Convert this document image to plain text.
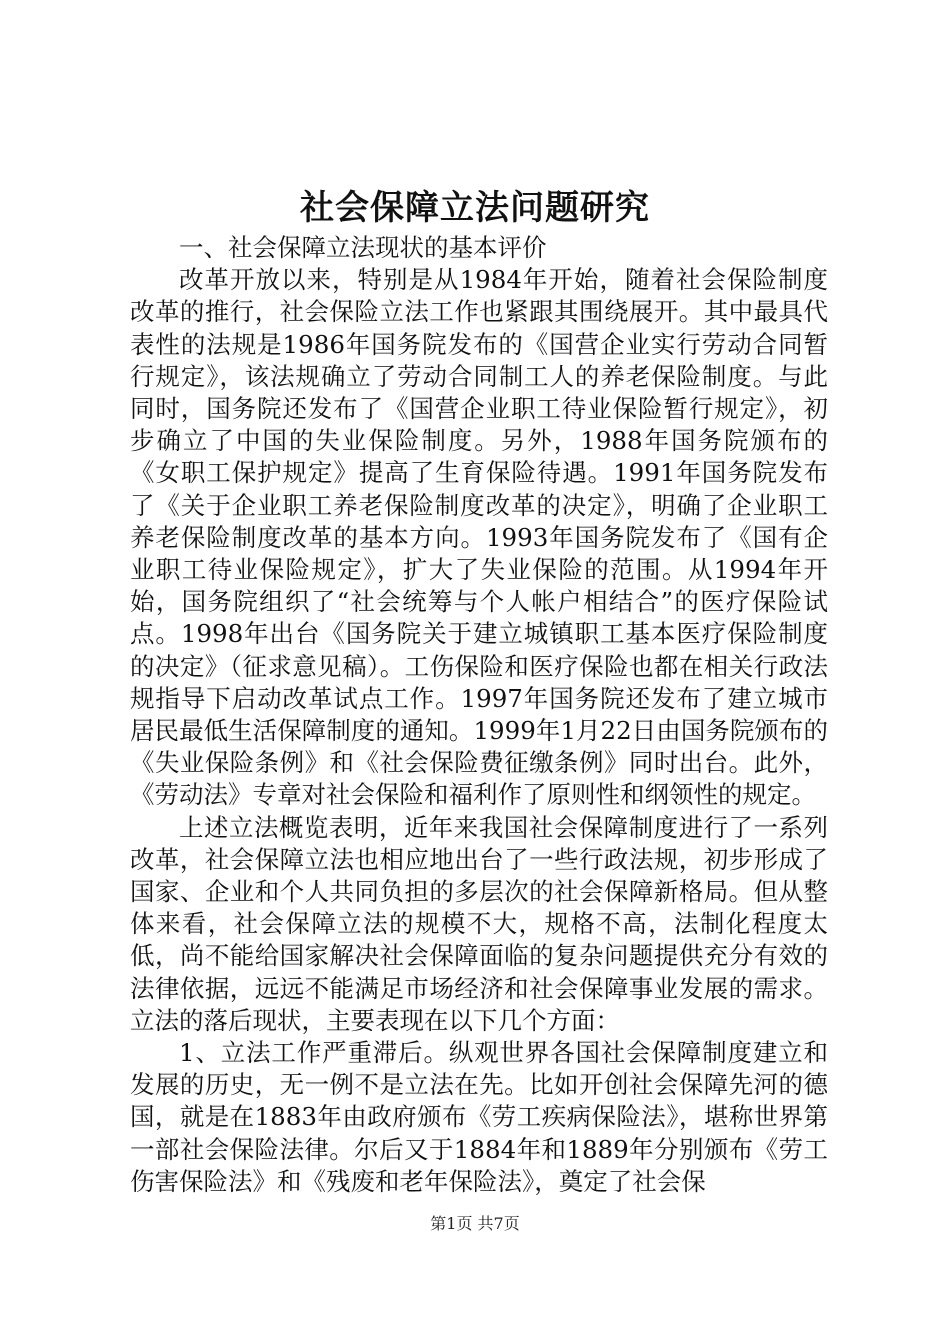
社会保障立法问题研究

一、社会保障立法现状的基本评价

改革开放以来，特别是从1984年开始，随着社会保险制度改革的推行，社会保险立法工作也紧跟其围绕展开。其中最具代表性的法规是1986年国务院发布的《国营企业实行劳动合同暂行规定》，该法规确立了劳动合同制工人的养老保险制度。与此同时，国务院还发布了《国营企业职工待业保险暂行规定》，初步确立了中国的失业保险制度。另外，1988年国务院颁布的《女职工保护规定》提高了生育保险待遇。1991年国务院发布了《关于企业职工养老保险制度改革的决定》，明确了企业职工养老保险制度改革的基本方向。1993年国务院发布了《国有企业职工待业保险规定》，扩大了失业保险的范围。从1994年开始，国务院组织了“社会统筹与个人帐户相结合”的医疗保险试点。1998年出台《国务院关于建立城镇职工基本医疗保险制度的决定》（征求意见稿）。工伤保险和医疗保险也都在相关行政法规指导下启动改革试点工作。1997年国务院还发布了建立城市居民最低生活保障制度的通知。1999年1月22日由国务院颁布的《失业保险条例》和《社会保险费征缴条例》同时出台。此外，《劳动法》专章对社会保险和福利作了原则性和纲领性的规定。

上述立法概览表明，近年来我国社会保障制度进行了一系列改革，社会保障立法也相应地出台了一些行政法规，初步形成了国家、企业和个人共同负担的多层次的社会保障新格局。但从整体来看，社会保障立法的规模不大，规格不高，法制化程度太低，尚不能给国家解决社会保障面临的复杂问题提供充分有效的法律依据，远远不能满足市场经济和社会保障事业发展的需求。立法的落后现状，主要表现在以下几个方面：

1、立法工作严重滞后。纵观世界各国社会保障制度建立和发展的历史，无一例不是立法在先。比如开创社会保障先河的德国，就是在1883年由政府颁布《劳工疾病保险法》，堪称世界第一部社会保险法律。尔后又于1884年和1889年分别颁布《劳工伤害保险法》和《残废和老年保险法》，奠定了社会保

第1页 共7页
